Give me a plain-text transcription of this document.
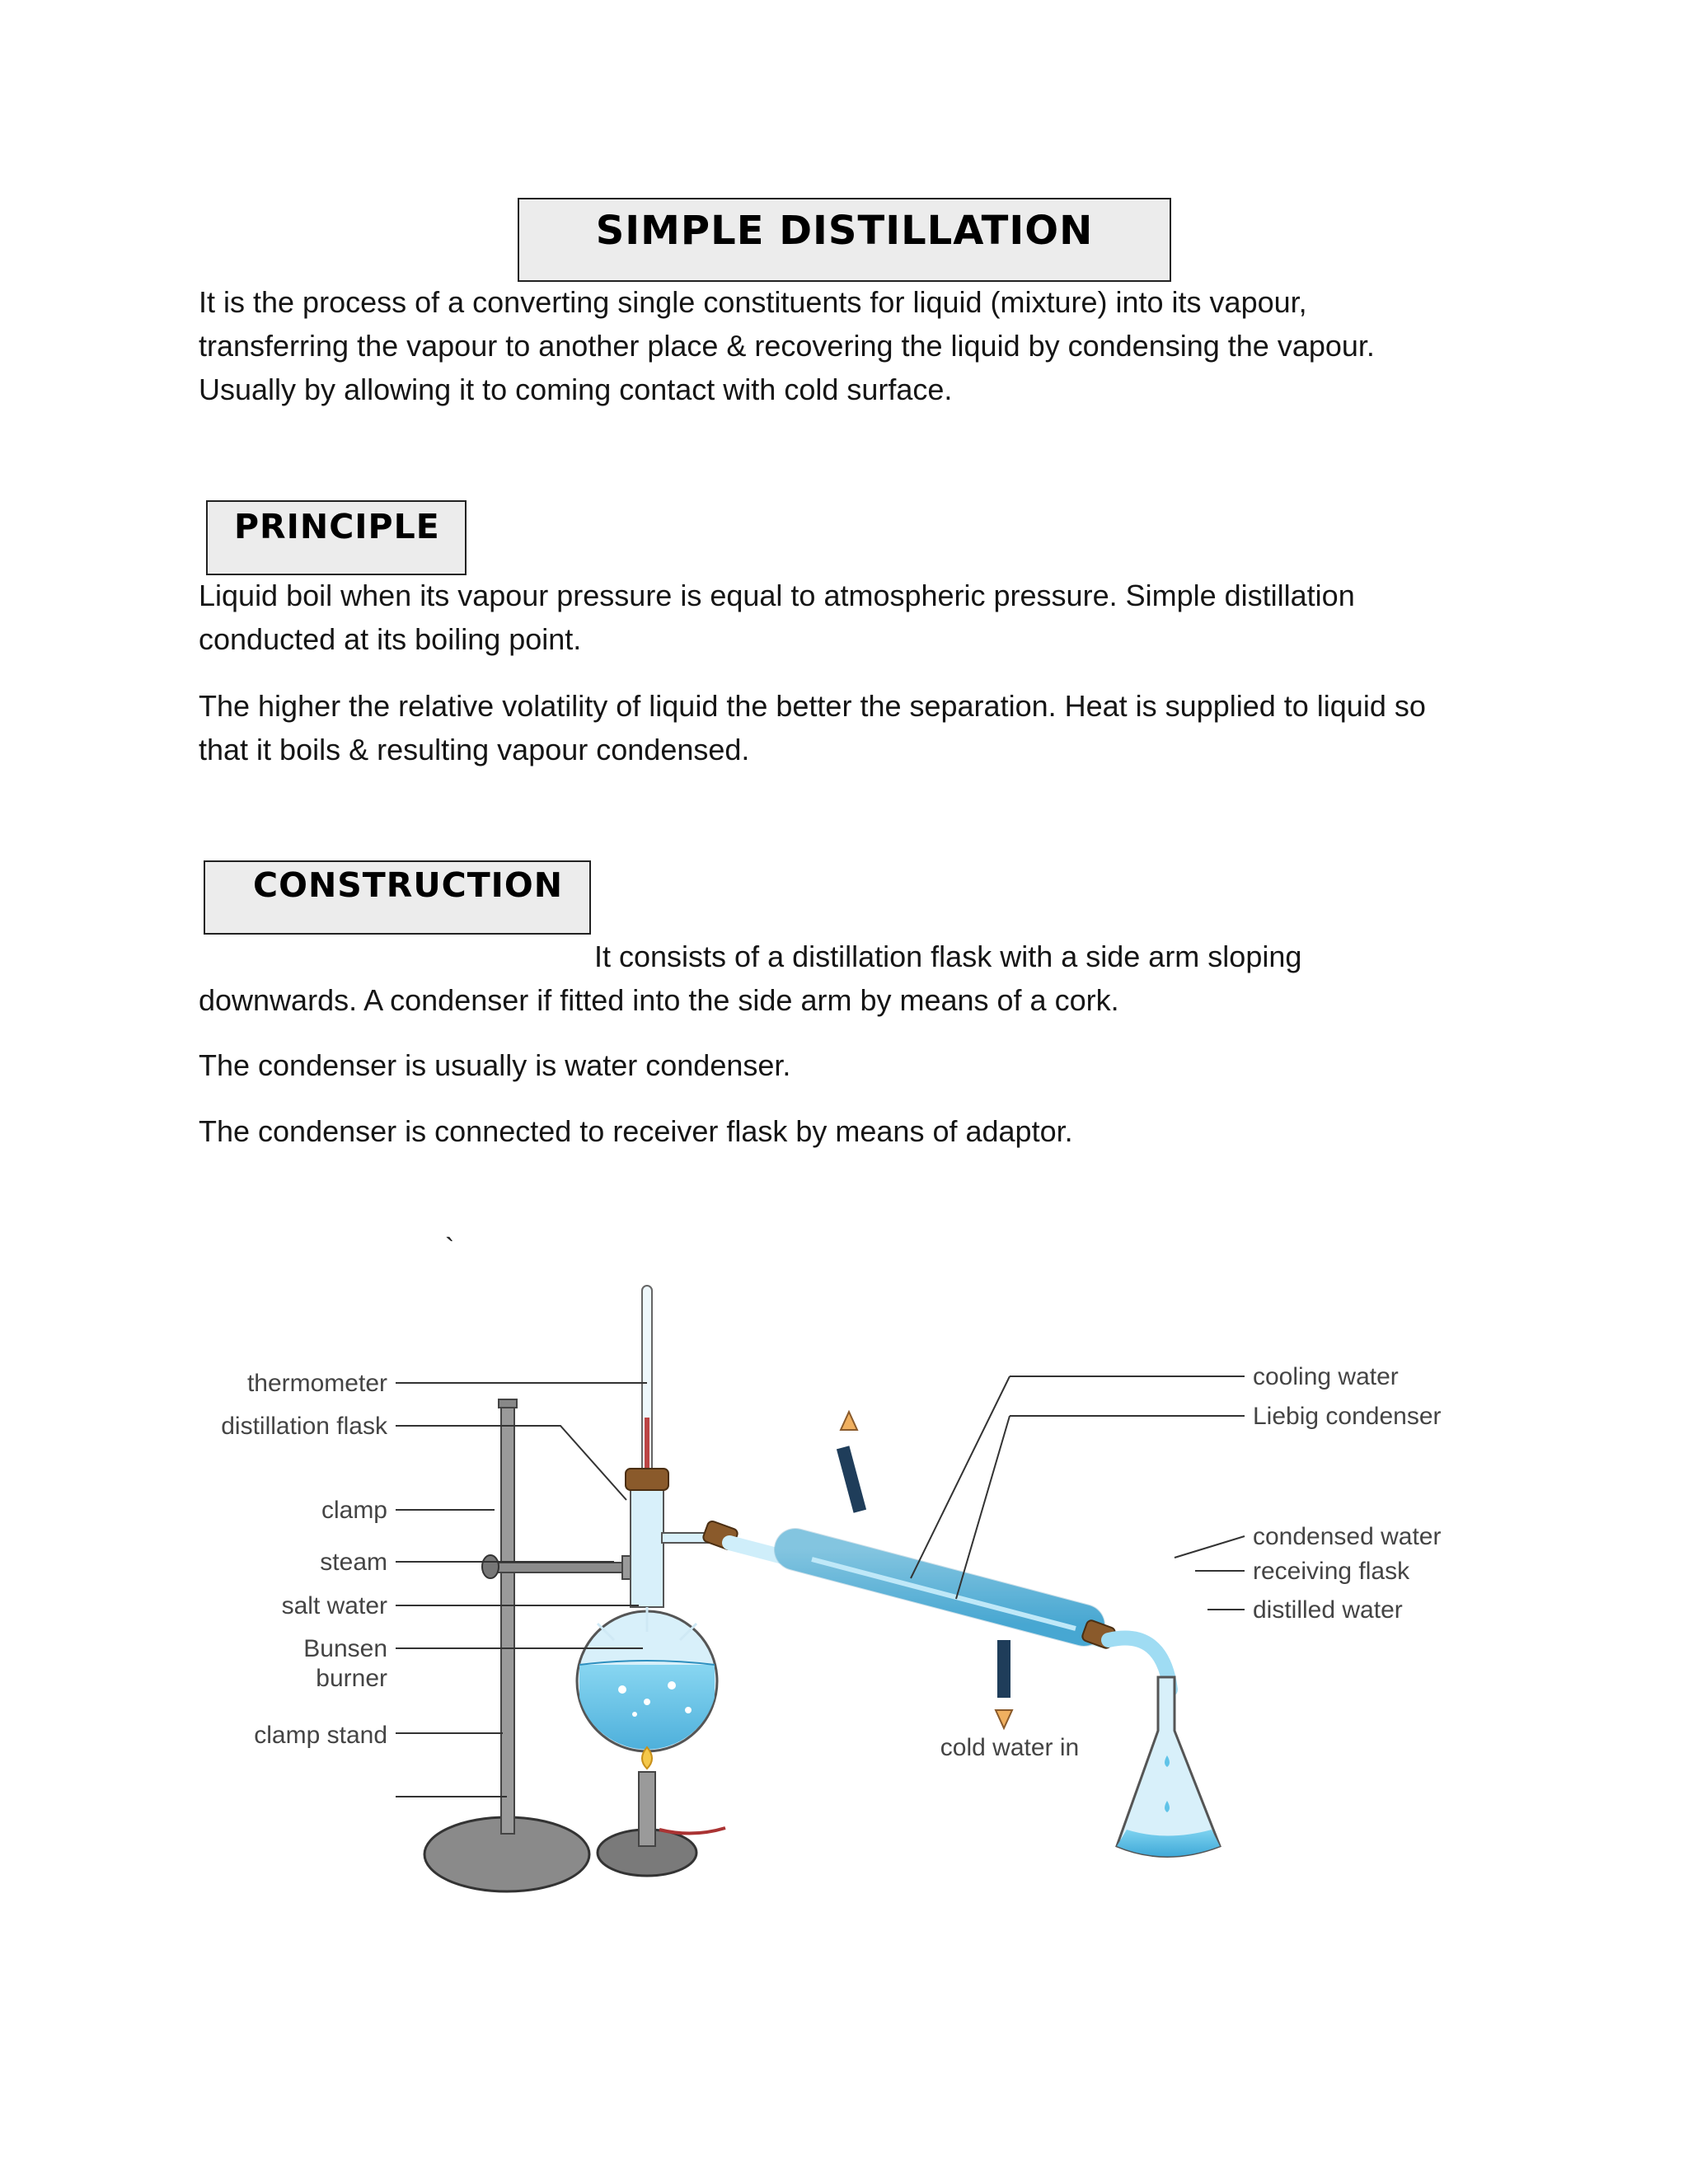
SIMPLE DISTILLATION

It is the process of a converting single constituents for liquid (mixture) into its vapour,
transferring the vapour to another place & recovering the liquid by condensing the vapour.
Usually by allowing it to coming contact with cold surface.

PRINCIPLE

Liquid boil when its vapour pressure is equal to atmospheric pressure. Simple distillation
conducted at its boiling point.

The higher the relative volatility of liquid the better the separation. Heat is supplied to liquid so
that it boils & resulting vapour condensed.

CONSTRUCTION

It consists of a distillation flask with a side arm sloping
downwards. A condenser if fitted into the side arm by means of a cork.

The condenser is usually is water condenser.

The condenser is connected to receiver flask by means of adaptor.

`
thermometer
distillation flask
clamp
steam
salt water
Bunsen
burner
clamp stand
cooling water
Liebig condenser
condensed water
receiving flask
distilled water
cold water in
